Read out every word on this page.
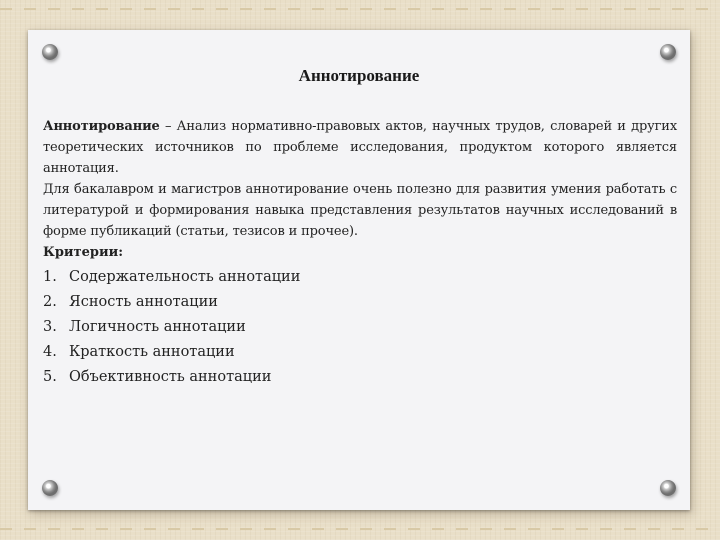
Аннотирование

Аннотирование – Анализ нормативно-правовых актов, научных трудов, словарей и других теоретических источников по проблеме исследования, продуктом которого является аннотация.

Для бакалавром и магистров аннотирование очень полезно для развития умения работать с литературой и формирования навыка представления результатов научных исследований в форме публикаций (статьи, тезисов и прочее).

Критерии:

1. Содержательность аннотации
2. Ясность аннотации
3. Логичность аннотации
4. Краткость аннотации
5. Объективность аннотации
